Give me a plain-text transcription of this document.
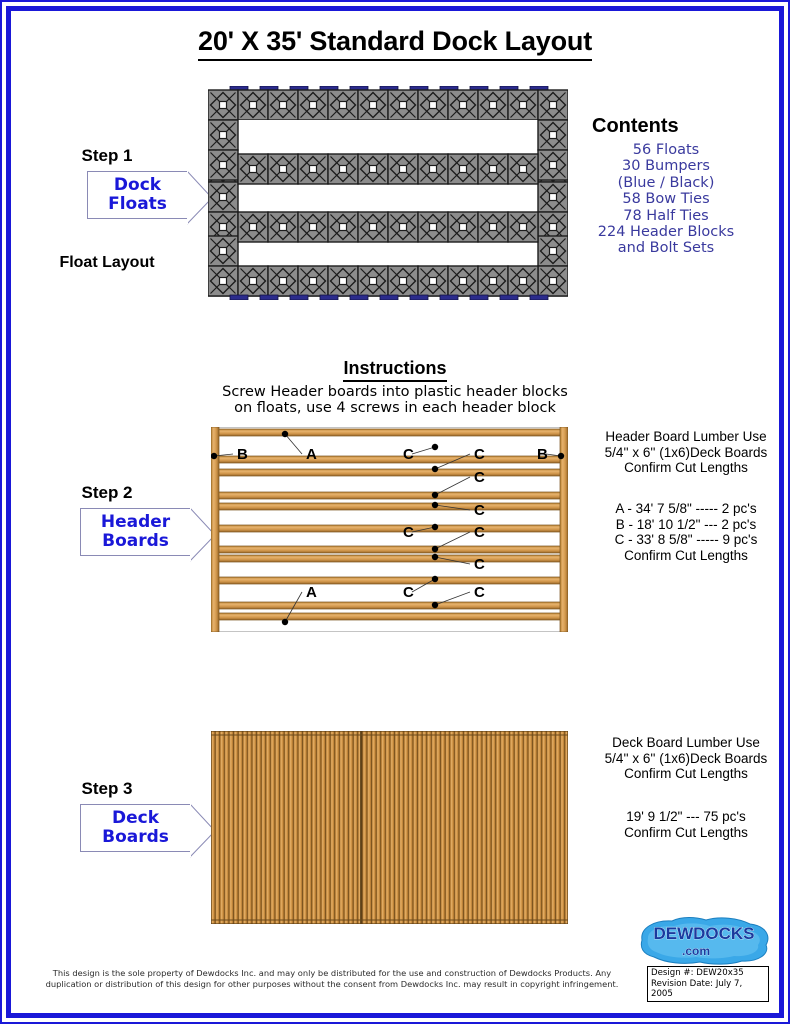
20' X 35' Standard Dock Layout
Step 1
Dock
Floats
Float Layout
Contents
56 Floats
30 Bumpers
(Blue / Black)
58 Bow Ties
78 Half Ties
224 Header Blocks
and Bolt Sets
Instructions
Screw Header boards into plastic header blocks
on floats, use 4 screws in each header block
Step 2
Header
Boards
B	A	C	C	B
C
C
C	C
C
C	C
A
Header Board Lumber Use
5/4'' x 6'' (1x6)Deck Boards
Confirm Cut Lengths
A - 34' 7 5/8" ----- 2 pc's
B - 18' 10 1/2" --- 2 pc's
C - 33' 8 5/8" ----- 9 pc's
Confirm Cut Lengths
Step 3
Deck
Boards
Deck Board Lumber Use
5/4'' x 6'' (1x6)Deck Boards
Confirm Cut Lengths
19' 9 1/2" --- 75 pc's
Confirm Cut Lengths
DEWDOCKS
.com
This design is the sole property of Dewdocks Inc. and may only be distributed for the use and construction of Dewdocks Products. Any
duplication or distribution of this design for other purposes without the consent from Dewdocks Inc. may result in copyright infringement.
Design #: DEW20x35
Revision Date: July 7, 2005
